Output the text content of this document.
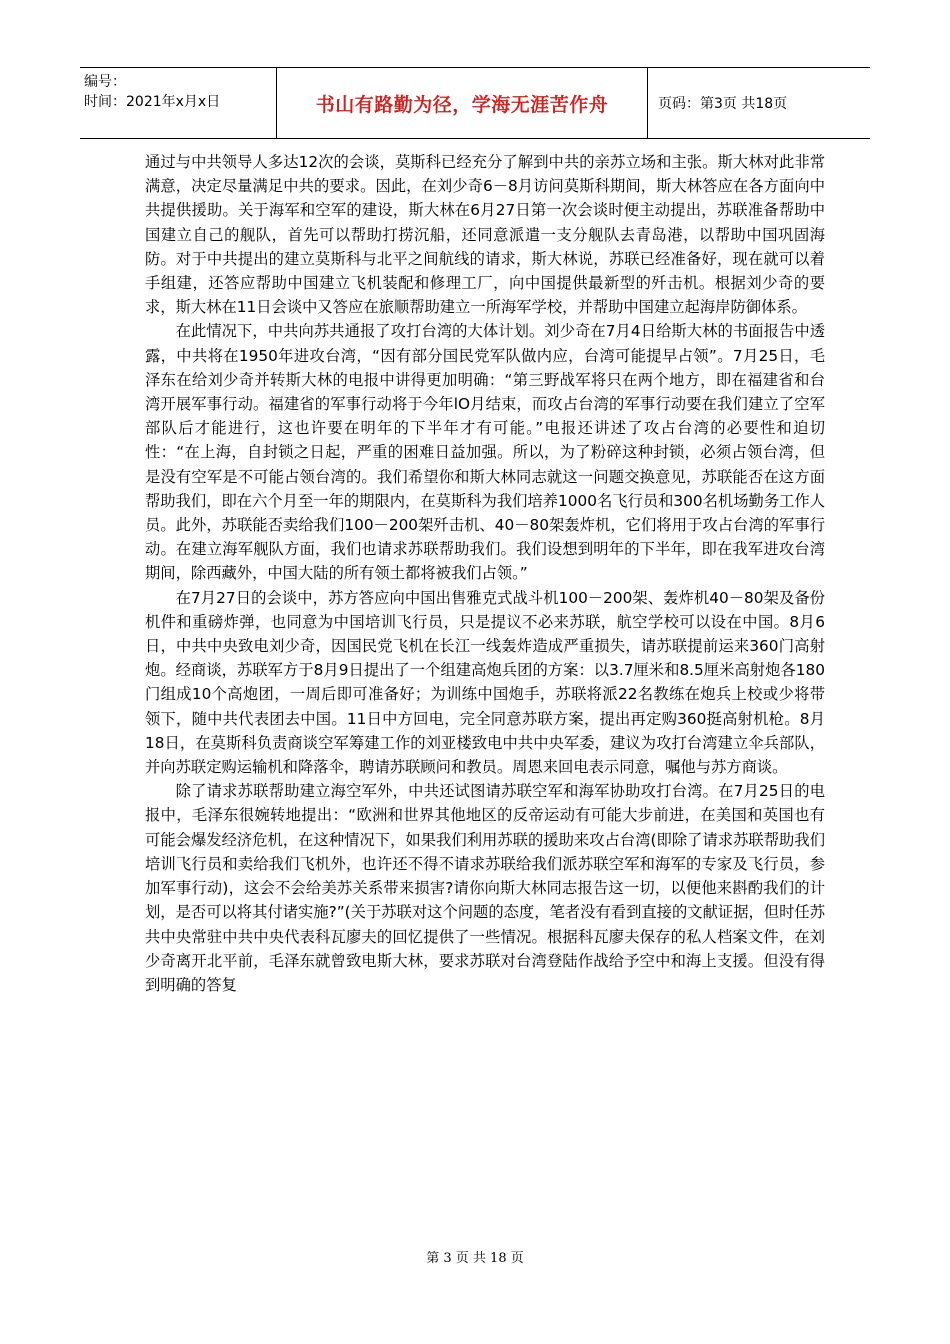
编号：
时间：2021年x月x日	书山有路勤为径，学海无涯苦作舟	页码：第3页 共18页

通过与中共领导人多达12次的会谈，莫斯科已经充分了解到中共的亲苏立场和主张。斯大林对此非常满意，决定尽量满足中共的要求。因此，在刘少奇6－8月访问莫斯科期间，斯大林答应在各方面向中共提供援助。关于海军和空军的建设，斯大林在6月27日第一次会谈时便主动提出，苏联准备帮助中国建立自己的舰队，首先可以帮助打捞沉船，还同意派遣一支分舰队去青岛港，以帮助中国巩固海防。对于中共提出的建立莫斯科与北平之间航线的请求，斯大林说，苏联已经准备好，现在就可以着手组建，还答应帮助中国建立飞机装配和修理工厂，向中国提供最新型的歼击机。根据刘少奇的要求，斯大林在11日会谈中又答应在旅顺帮助建立一所海军学校，并帮助中国建立起海岸防御体系。

在此情况下，中共向苏共通报了攻打台湾的大体计划。刘少奇在7月4日给斯大林的书面报告中透露，中共将在1950年进攻台湾，“因有部分国民党军队做内应，台湾可能提早占领”。7月25日，毛泽东在给刘少奇并转斯大林的电报中讲得更加明确：“第三野战军将只在两个地方，即在福建省和台湾开展军事行动。福建省的军事行动将于今年lO月结束，而攻占台湾的军事行动要在我们建立了空军部队后才能进行，这也许要在明年的下半年才有可能。”电报还讲述了攻占台湾的必要性和迫切性：“在上海，自封锁之日起，严重的困难日益加强。所以，为了粉碎这种封锁，必须占领台湾，但是没有空军是不可能占领台湾的。我们希望你和斯大林同志就这一问题交换意见，苏联能否在这方面帮助我们，即在六个月至一年的期限内，在莫斯科为我们培养1000名飞行员和300名机场勤务工作人员。此外，苏联能否卖给我们100－200架歼击机、40－80架轰炸机，它们将用于攻占台湾的军事行动。在建立海军舰队方面，我们也请求苏联帮助我们。我们设想到明年的下半年，即在我军进攻台湾期间，除西藏外，中国大陆的所有领土都将被我们占领。”

在7月27日的会谈中，苏方答应向中国出售雅克式战斗机100－200架、轰炸机40－80架及备份机件和重磅炸弹，也同意为中国培训飞行员，只是提议不必来苏联，航空学校可以设在中国。8月6日，中共中央致电刘少奇，因国民党飞机在长江一线轰炸造成严重损失，请苏联提前运来360门高射炮。经商谈，苏联军方于8月9日提出了一个组建高炮兵团的方案：以3.7厘米和8.5厘米高射炮各180门组成10个高炮团，一周后即可准备好；为训练中国炮手，苏联将派22名教练在炮兵上校或少将带领下，随中共代表团去中国。11日中方回电，完全同意苏联方案，提出再定购360挺高射机枪。8月18日，在莫斯科负责商谈空军筹建工作的刘亚楼致电中共中央军委，建议为攻打台湾建立伞兵部队，并向苏联定购运输机和降落伞，聘请苏联顾问和教员。周恩来回电表示同意，嘱他与苏方商谈。

除了请求苏联帮助建立海空军外，中共还试图请苏联空军和海军协助攻打台湾。在7月25日的电报中，毛泽东很婉转地提出：“欧洲和世界其他地区的反帝运动有可能大步前进，在美国和英国也有可能会爆发经济危机，在这种情况下，如果我们利用苏联的援助来攻占台湾(即除了请求苏联帮助我们培训飞行员和卖给我们飞机外，也许还不得不请求苏联给我们派苏联空军和海军的专家及飞行员，参加军事行动)，这会不会给美苏关系带来损害?请你向斯大林同志报告这一切，以便他来斟酌我们的计划，是否可以将其付诸实施?”(关于苏联对这个问题的态度，笔者没有看到直接的文献证据，但时任苏共中央常驻中共中央代表科瓦廖夫的回忆提供了一些情况。根据科瓦廖夫保存的私人档案文件，在刘少奇离开北平前，毛泽东就曾致电斯大林，要求苏联对台湾登陆作战给予空中和海上支援。但没有得到明确的答复

第 3 页 共 18 页
